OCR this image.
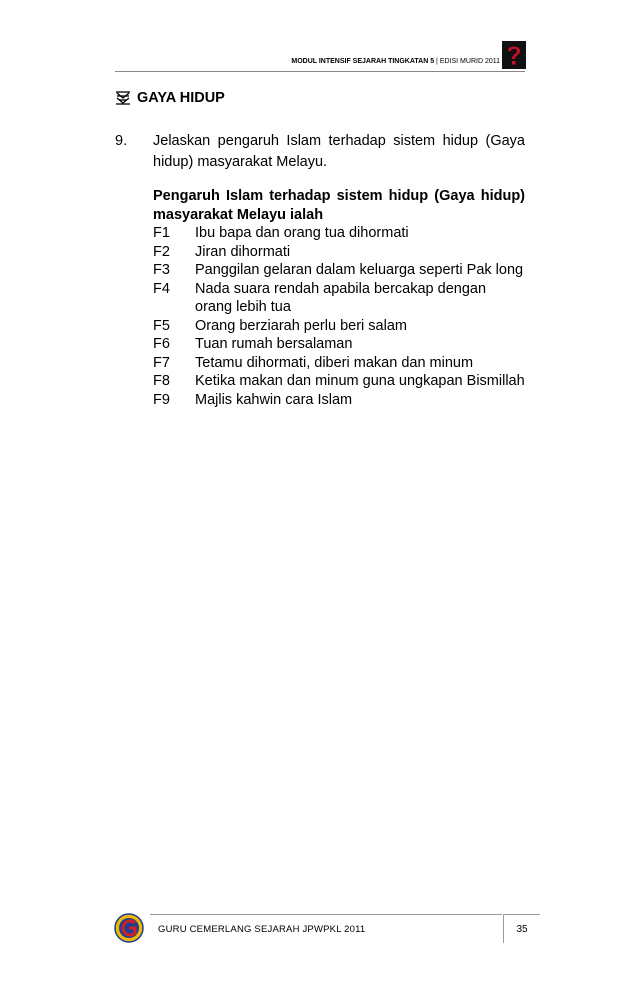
MODUL INTENSIF SEJARAH TINGKATAN 5 | EDISI MURID 2011
GAYA HIDUP
9. Jelaskan pengaruh Islam terhadap sistem hidup (Gaya hidup) masyarakat Melayu.
Pengaruh Islam terhadap sistem hidup (Gaya hidup) masyarakat Melayu ialah
F1	Ibu bapa dan orang tua dihormati
F2	Jiran dihormati
F3	Panggilan gelaran dalam keluarga seperti Pak long
F4	Nada suara rendah apabila bercakap dengan orang lebih tua
F5	Orang berziarah perlu beri salam
F6	Tuan rumah bersalaman
F7	Tetamu dihormati, diberi makan dan minum
F8	Ketika makan dan minum guna ungkapan Bismillah
F9	Majlis kahwin cara Islam
GURU CEMERLANG SEJARAH JPWPKL 2011	35
